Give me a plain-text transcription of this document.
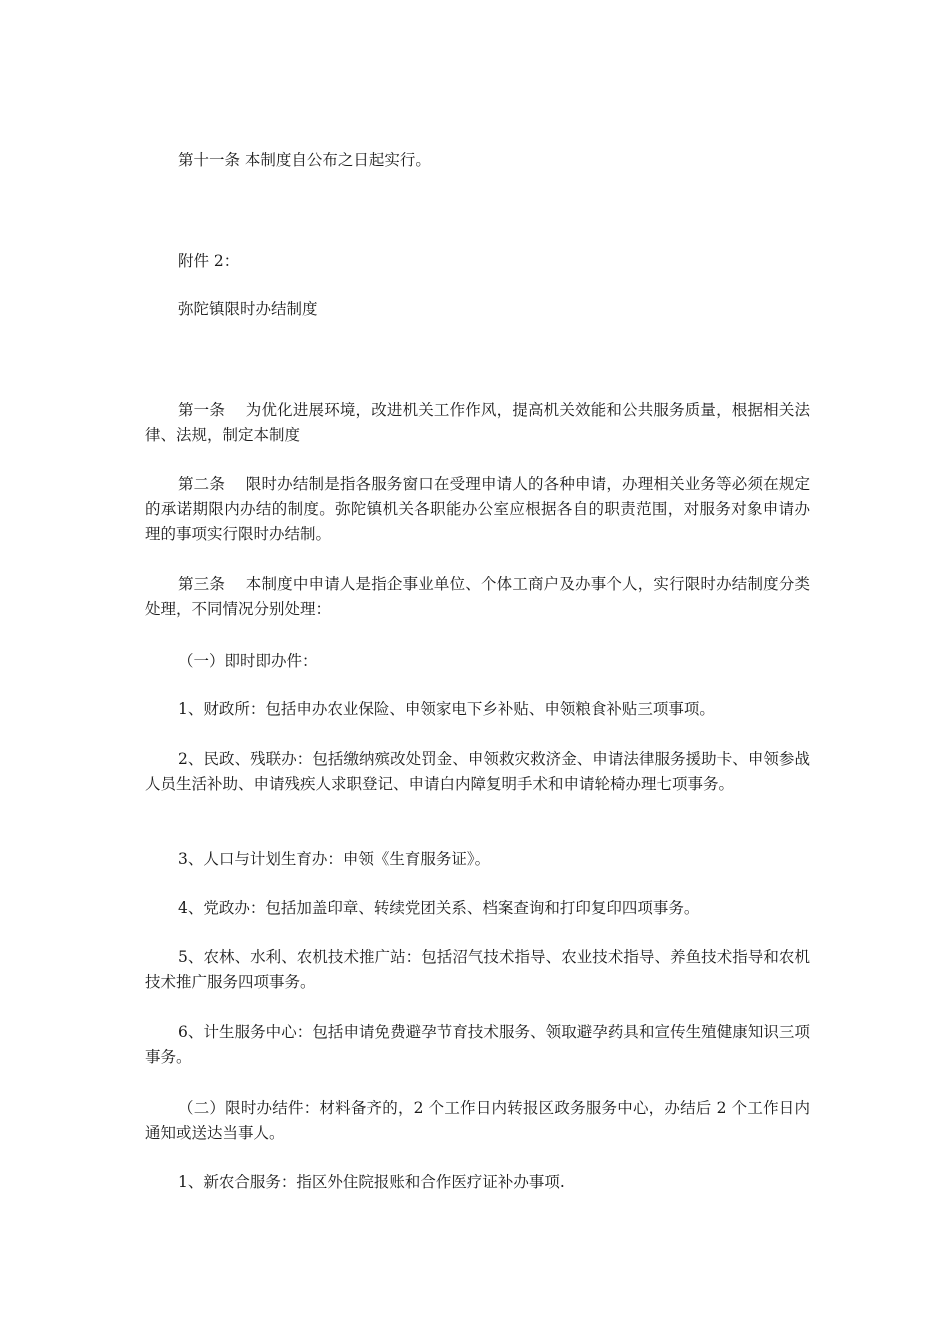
第十一条 本制度自公布之日起实行。

附件 2：

弥陀镇限时办结制度

第一条　 为优化进展环境，改进机关工作作风，提高机关效能和公共服务质量，根据相关法律、法规，制定本制度

第二条　 限时办结制是指各服务窗口在受理申请人的各种申请，办理相关业务等必须在规定的承诺期限内办结的制度。弥陀镇机关各职能办公室应根据各自的职责范围，对服务对象申请办理的事项实行限时办结制。

第三条　 本制度中申请人是指企事业单位、个体工商户及办事个人，实行限时办结制度分类处理，不同情况分别处理：

（一）即时即办件：

1、财政所：包括申办农业保险、申领家电下乡补贴、申领粮食补贴三项事项。

2、民政、残联办：包括缴纳殡改处罚金、申领救灾救济金、申请法律服务援助卡、申领参战人员生活补助、申请残疾人求职登记、申请白内障复明手术和申请轮椅办理七项事务。

3、人口与计划生育办：申领《生育服务证》。

4、党政办：包括加盖印章、转续党团关系、档案查询和打印复印四项事务。

5、农林、水利、农机技术推广站：包括沼气技术指导、农业技术指导、养鱼技术指导和农机技术推广服务四项事务。

6、计生服务中心：包括申请免费避孕节育技术服务、领取避孕药具和宣传生殖健康知识三项事务。

（二）限时办结件：材料备齐的，2 个工作日内转报区政务服务中心，办结后 2 个工作日内通知或送达当事人。

1、新农合服务：指区外住院报账和合作医疗证补办事项.
